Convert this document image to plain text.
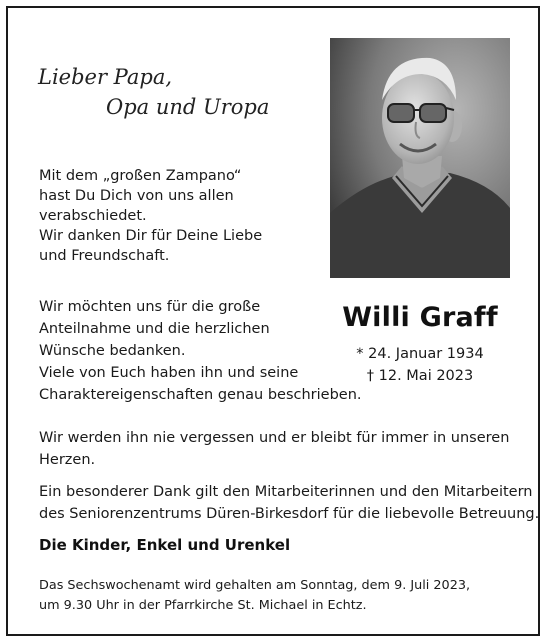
Lieber Papa,
Opa und Uropa
Mit dem „großen Zampano“
hast Du Dich von uns allen
verabschiedet.
Wir danken Dir für Deine Liebe
und Freundschaft.
Wir möchten uns für die große
Anteilnahme und die herzlichen
Wünsche bedanken.
Viele von Euch haben ihn und seine
Charaktereigenschaften genau beschrieben.
Willi Graff
* 24. Januar 1934
† 12. Mai 2023
Wir werden ihn nie vergessen und er bleibt für immer in unseren
Herzen.
Ein besonderer Dank gilt den Mitarbeiterinnen und den Mitarbeitern
des Seniorenzentrums Düren-Birkesdorf für die liebevolle Betreuung.
Die Kinder, Enkel und Urenkel
Das Sechswochenamt wird gehalten am Sonntag, dem 9. Juli 2023,
um 9.30 Uhr in der Pfarrkirche St. Michael in Echtz.
